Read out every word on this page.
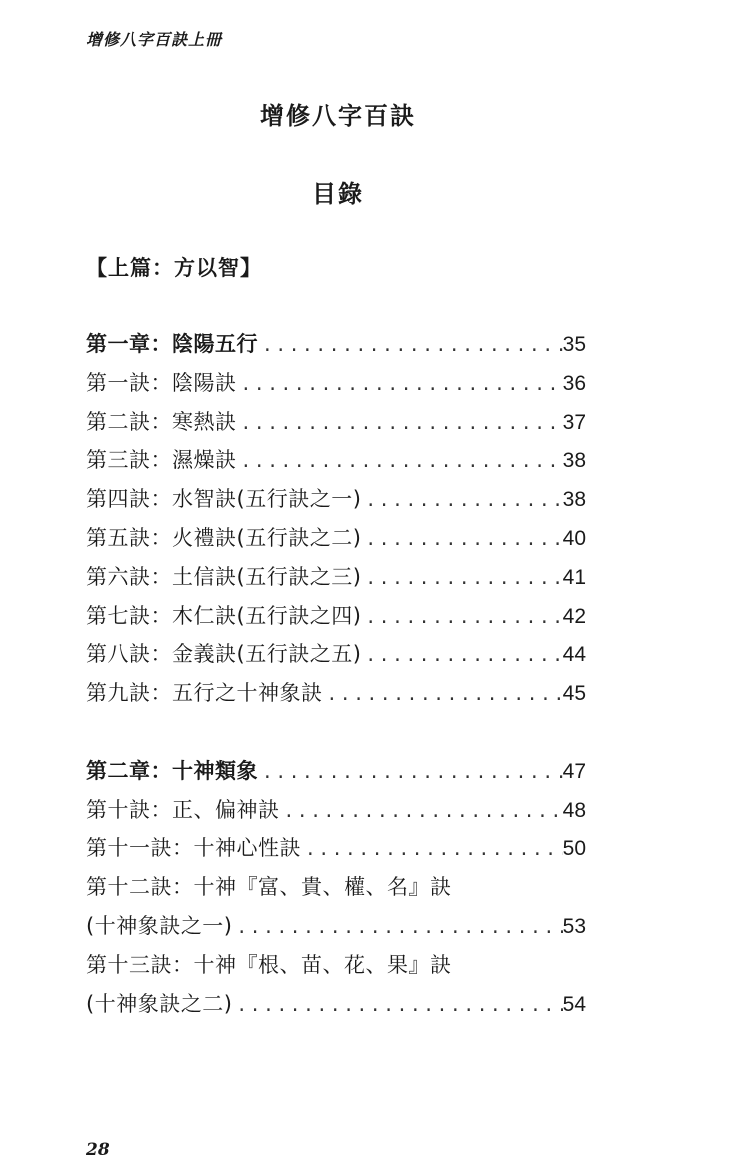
增修八字百訣上冊
增修八字百訣
目錄
【上篇：方以智】
第一章：陰陽五行 . . .	35
第一訣：陰陽訣 . . .	36
第二訣：寒熱訣 . . .	37
第三訣：濕燥訣 . . .	38
第四訣：水智訣(五行訣之一) . . .	38
第五訣：火禮訣(五行訣之二) . . .	40
第六訣：土信訣(五行訣之三) . . .	41
第七訣：木仁訣(五行訣之四) . . .	42
第八訣：金義訣(五行訣之五) . . .	44
第九訣：五行之十神象訣 . . .	45
第二章：十神類象 . . .	47
第十訣：正、偏神訣 . . .	48
第十一訣：十神心性訣 . . .	50
第十二訣：十神『富、貴、權、名』訣
(十神象訣之一) . . .	53
第十三訣：十神『根、苗、花、果』訣
(十神象訣之二) . . .	54
28
